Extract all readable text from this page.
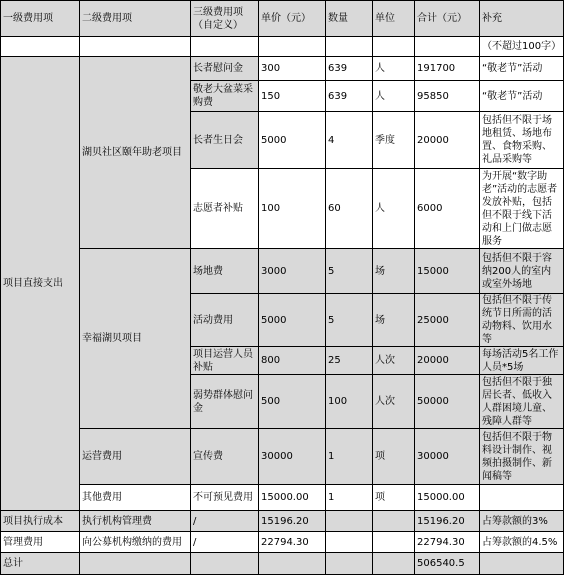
一级费用项	二级费用项	三级费用项（自定义）	单价（元）	数量	单位	合计（元）	补充
							（不超过100字）
项目直接支出	湖贝社区颐年助老项目	长者慰问金	300	639	人	191700	“敬老节”活动
		敬老大盆菜采购费	150	639	人	95850	“敬老节”活动
		长者生日会	5000	4	季度	20000	包括但不限于场地租赁、场地布置、食物采购、礼品采购等
		志愿者补贴	100	60	人	6000	为开展“数字助老”活动的志愿者发放补贴，包括但不限于线下活动和上门做志愿服务
	幸福湖贝项目	场地费	3000	5	场	15000	包括但不限于容纳200人的室内或室外场地
		活动费用	5000	5	场	25000	包括但不限于传统节日所需的活动物料、饮用水等
		项目运营人员补贴	800	25	人次	20000	每场活动5名工作人员*5场
		弱势群体慰问金	500	100	人次	50000	包括但不限于独居长者、低收入人群困境儿童、残障人群等
	运营费用	宣传费	30000	1	项	30000	包括但不限于物料设计制作、视频拍摄制作、新闻稿等
	其他费用	不可预见费用	15000.00	1	项	15000.00	
项目执行成本	执行机构管理费	/	15196.20			15196.20	占筹款额的3%
管理费用	向公募机构缴纳的费用	/	22794.30			22794.30	占筹款额的4.5%
总计						506540.5	
